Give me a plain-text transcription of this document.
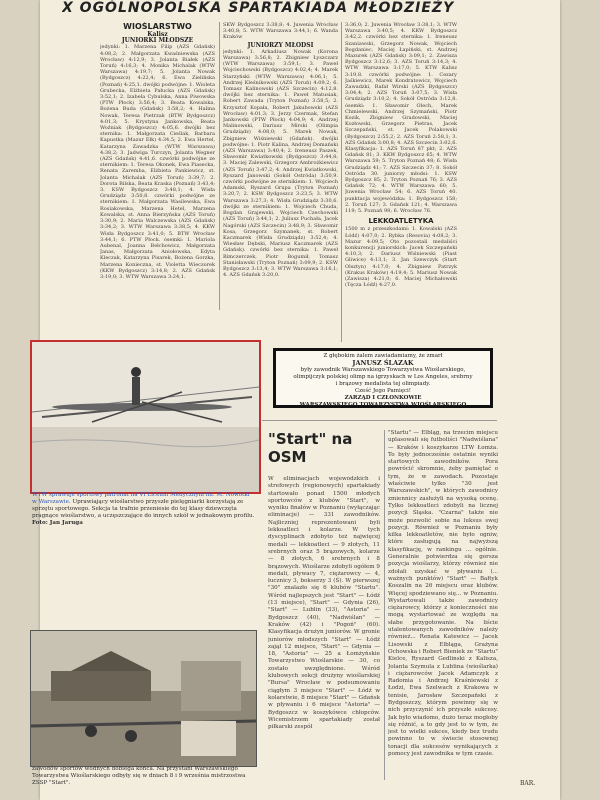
X OGÓLNOPOLSKA SPARTAKIADA MŁODZIEŻY
WIOŚLARSTWO
Kalisz
JUNIORKI MŁODSZE

jedynki: 1. Marzena Filip (AZS Gdańsk) 4:08,2; 2. Małgorzata Kwaśniewska (AZS Wrocław) 4:12,9; 3. Jolanta Białek (AZS Toruń) 4:16,3; 4. Monika Michalak (WTW Warszawa) 4:19,7; 5. Jolanta Nowak (Bydgoszcz) 4:22,4; 6. Ewa Zielińska (Poznań) 4:25,1. dwójki podwójne: 1. Wioleta Grubecka, Elżbieta Pałucka (AZS Gdańsk) 3:52,1; 2. Izabela Cybulska, Anna Piwowska (PTW Płock) 3:56,4; 3. Beata Kowalska, Bożena Buda (Gdańsk) 3:58,2; 4. Halina Nowak, Teresa Pietrzak (BTW Bydgoszcz) 4:01,3; 5. Krystyna Jankowska, Beata Woźniak (Bydgoszcz) 4:05,6. dwójki bez sternika: 1. Małgorzata Cieślak, Barbara Kapustka (Mazur Ełk) 4:34,5; 2. Ewa Hertel, Katarzyna Zawadzka (WTW Warszawa) 4:38,2; 3. Jadwiga Turczyn, Jolanta Wegner (AZS Gdańsk) 4:41,6. czwórki podwójne ze sternikiem: 1. Teresa Okonek, Ewa Piasecka, Renata Zaremba, Elżbieta Pankiewicz, st. Jolanta Michalak (AZS Toruń) 3:39,7; 2. Dorota Bilska, Beata Kraska (Poznań) 3:43,4; 3. KSW Bydgoszcz 3:48,1; 4. Wisła Grudziądz 3:50,8. czwórki podwójne ze sternikiem: 1. Małgorzata Wasilewska, Ewa Rosiakowska, Marzena Hetel, Marzena Kowalska, st. Anna Bierzyńska (AZS Toruń) 3:30,9; 2. Maria Walczewska (AZS Gdańsk) 3:34,2; 3. WTW Warszawa 3:38,5; 4. KKW Wisła Bydgoszcz 3:41,0; 5. BTW Wrocław 3:44,1; 6. PTW Płock. ósemki: 1. Mariola Aubenal, Joanna Bełchowicz, Małgorzata Janas, Małgorzata Aniołowska, Edyta Kleczak, Katarzyna Pisarek, Bożena Gorzka, Marzena Konieczna, st. Violetta Wieczorek (KKW Bydgoszcz) 3:14,8; 2. AZS Gdańsk 3:19,0; 3. WTW Warszawa 3:24,1.

SKW Bydgoszcz 3:38,8; 4. Juwenia Wrocław 3:40,8; 5. WTW Warszawa 3:44,1; 6. Wanda Kraków

JUNIORZY MŁODSI

jedynki: 1. Arkadiusz Nowak (Korona Warszawa) 3:56,8; 2. Zbigniew Łyszczarz (WTW Warszawa) 3:59,1; 3. Paweł Wojciechowski (Bydgoszcz) 4:02,4; 4. Marek Starzyński (WTW Warszawa) 4:06,1; 5. Andrzej Kleśnikowski (AZS Toruń) 4:09,2; 6. Tomasz Kalinowski (AZS Szczecin) 4:12,8. dwójki bez sternika: 1. Paweł Matusiak, Robert Zawada (Tryton Poznań) 3:58,5; 2. Krzysztof Kopała, Robert Jakubowski (AZS Wrocław) 4:01,3; 3. Jerzy Czermak, Stefan Jankowski (PTW Płock) 4:04,9; 4. Andrzej Malinowski, Dariusz Mirski (Olimpia Grudziądz) 4:08,0; 5. Marek Nowak, Zbigniew Wiśniewski (Gdańsk). dwójki podwójne: 1. Piotr Kalina, Andrzej Domański (AZS Warszawa) 3:40,4; 2. Ireneusz Paszek, Sławomir Kwiatkowski (Bydgoszcz) 3:44,8; 3. Maciej Zalewski, Grzegorz Ambrożkiewicz (AZS Toruń) 3:47,2; 4. Andrzej Kwiatkowski, Ryszard Janowski (Sokół Ostróda) 3:50,9. czwórki podwójne ze sternikiem: 1. Wojciech Adamski, Ryszard Grupa (Tryton Poznań) 3:20,7; 2. KSW Bydgoszcz 3:23,5; 3. WTW Warszawa 3:27,3; 4. Wisła Grudziądz 3:30,6. dwójki ze sternikiem: 1. Wojciech Chuda, Bogdan Grajewski, Wojciech Czechowski (AZS Toruń) 3:44,1; 2. Juliusz Puchała, Jacek Nagórski (AZS Szczecin) 3:48,9; 3. Sławomir Kosa, Grzegorz Szymanek, st. Robert Kaczmarek (Wisła Grudziądz) 3:52,4; 4. Wiesław Dębski, Mariusz Kaczmarek (AZS Gdańsk). czwórki bez sternika: 1. Paweł Bimczerczek, Piotr Bogumił, Tomasz Stanisławski (Tryton Poznań) 3:09,9; 2. KSW Bydgoszcz 3:13,4; 3. WTW Warszawa 3:16,1; 4. AZS Gdańsk 3:20,0.

3:36,0; 2. Juwenia Wrocław 3:38,1; 3. WTW Warszawa 3:40,5; 4. KKW Bydgoszcz 3:42,2. czwórki bez sternika: 1. Ireneusz Szaniawski, Grzegorz Nowak, Wojciech Bogdaniec, Maciej Łapiński, st. Andrzej Mazurek (AZS Gdańsk) 3:09,1; 2. Zawisza Bydgoszcz 3:12,6; 3. AZS Toruń 3:14,3; 4. WTW Warszawa 3:17,0; 5. KTW Kalisz 3:19,8. czwórki podwójne: 1. Cezary Jaśkiewicz, Marek Kondratowicz, Wojciech Zawadzki, Rafał Wirski (AZS Bydgoszcz) 3:04,4; 2. AZS Toruń 3:07,5; 3. Wisła Grudziądz 3:10,2; 4. Sokół Ostróda 3:12,8. ósemki: 1. Sławomir Olech, Marek Chmielewski, Andrzej Szymański, Piotr Kozik, Zbigniew Gradowski, Maciej Kozłowski, Grzegorz Pietras, Jacek Szczepański, st. Jacek Polakowski (Bydgoszcz) 2:55,2; 2. AZS Toruń 2:58,1; 3. AZS Gdańsk 3:00,8; 4. AZS Szczecin 3:02,6. Klasyfikacja: 1. AZS Toruń 87 pkt; 2. AZS Gdańsk 81; 3. KKW Bydgoszcz 65; 4. WTW Warszawa 59; 5. Tryton Poznań 48; 6. Wisła Grudziądz 41; 7. AZS Szczecin 37; 8. Sokół Ostróda 30. juniorzy młodsi: 1. KSW Bydgoszcz 85; 2. Tryton Poznań 76; 3. AZS Gdańsk 72; 4. WTW Warszawa 60; 5. Juwenia Wrocław 54; 6. AZS Toruń 40. punktacja wojewódzka: 1. Bydgoszcz 158; 2. Toruń 127; 3. Gdańsk 121; 4. Warszawa 119; 5. Poznań 98; 6. Wrocław 76.

LEKKOATLETYKA

1500 m z przeszkodami: 1. Kowalski (AZS Łódź) 4:07,0; 2. Rybka (Resovia) 4:08,2; 3. Mazur 4:09,5; Oto pozostali medaliści konkurencji juniorskich: Jacek Szczepański 4:10,3; 2. Dariusz Wiśniewski (Piast Gliwice) 4:13,1; 3. Jan Szewczyk (Start Olsztyn) 4:17,0; 4. Zbigniew Patrzyk (Krakus Kraków) 4:19,4; 5. Mariusz Nowak (Zawisza) 4:21,0; 6. Maciej Michałowski (Tęcza Łódź) 4:27,0.

WTW sprawuje sportowy patronat na VI Liceum Medycznym im. M. Nowotki w Warszawie. Uprawiający wioślarstwo przyszłe pielęgniarki korzystają ze sprzętu sportowego. Sekcja ta trafnie przeniesie do tej klasy dziewczęta pragnące wioślarstwo, a uczęszczające do innych szkół w jednakowym profilu. Foto: Jan Jaruga
zawodów sportów wodnych dobiega końca. Na przystani Warszawskiego Towarzystwa Wioślarskiego odbyły się w dniach 8 i 9 września mistrzostwa ZSSP "Start".
Z głębokim żalem zawiadamiamy, że zmarł
JANUSZ ŚLAZAK
były zawodnik Warszawskiego Towarzystwa Wioślarskiego,
olimpijczyk polskiej olimp na igrzyskach w Los Angeles, srebrny
i brązowy medalista tej olimpiady.
Cześć Jego Pamięci!
ZARZĄD I CZŁONKOWIE
WARSZAWSKIEGO TOWARZYSTWA WIOŚLARSKIEGO
"Start" na OSM

W eliminacjach wojewódzkich i strefowych (regionowych) spartakiady startowało ponad 1500 młodych sportowców z klubów "Start", w wyniku finałów w Poznaniu (wyłączając eliminacje) — 331 zawodników. Najliczniej reprezentowani byli lekkoatleci i kolarze. W tych dyscyplinach zdobyto też najwięcej medali — lekkoatleci — 9 złotych, 11 srebrnych oraz 5 brązowych, kolarze — 8 złotych, 6 srebrnych i 8 brązowych. Wioślarze zdobyli ogółem 9 medali, pływacy 7, ciężarowcy — 4, łucznicy 3, bokserzy 3 (Ś). W pierwszej "30" znalazło się 6 klubów "Startu". Wśród najlepszych jest "Start" — Łódź (13 miejsce), "Start" — Gdynia (26), "Start" — Lublin (33), "Astoria" — Bydgoszcz (40), "Nadwiślan" — Kraków (42) i "Pogoń" (60). Klasyfikacja drużyn juniorów. W gronie juniorów młodszych "Start" — Łódź zajął 12 miejsce, "Start" — Gdynia — 18, "Astoria" — 25 a Łomżyńskie Towarzystwo Wioślarskie — 30, co zostało uwzględnione. Wśród klubowych sekcji drużyny wioślarskiej "Bursa" Wrocław w podsumowaniu ciągłym 3 miejsce "Start" — Łódź w kolarstwie, 8 miejsce "Start" — Gdańsk w pływaniu i 6 miejsce "Astoria" — Bydgoszcz w koszykówce chłopców. Wicemistrzem spartakiady został piłkarski zespół

"Startu" — Elbląg, na trzecim miejscu uplasowali się futboliści "Nadwiślana" — Kraków i koszykarze LTW Łomża. To były jednocześnie ostatnie wyniki startowych zawodników. Pora powrócić skromnie, żeby pamiętać o tym, że w zawodach. Pozostaje właściwie tylko "30 jest Warszawskich", w których zawodnicy zmiennicy zasłużyli na wysoką ocenę. Tylko lekkoatleci zdobyli na licznej pozycji Śląska. "Czarna" także nie może pozwolić sobie na luksus swej pozycji. Również w Poznaniu były kilka lekkoatletów, nie było ogniw, które zasługują na najwyższą klasyfikację, w rankingu ... ogólnie. Generalnie potwierdza się gorsza pozycja wioślarzy, którzy również nie zdołali uzyskać w pływaniu (... ważnych punktów) "Start" — Bałtyk Koszalin na 26 miejscu oraz klubów. Więcej spodziewano się... w Poznaniu. Wystartowali także zawodnicy ciężarowcy, którzy z konieczności nie mogą wystartować ze względu na słabe przygotowanie. Na liście utalentowanych zawodników należy również... Renata Katewicz — Jacek Lisowski z Elbląga, Grażyna Ochowska i Robert Bieniek ze "Startu" Kielce, Ryszard Gedlinski z Kalisza, Jolanta Szymula z Lublina (wioślarka) i ciężarowców Jacek Adamczyk z Radomia i Andrzej Kraśniewski z Łodzi, Ewa Szelwach z Krakowa w tenisie, Jarosław Szczepański z Bydgoszczy, którym powinny się w nich przyczynić ich przyszłe sukcesy. Jak było wiadomo, dużo teraz mogłoby się różnić, a to gdy jest to w tym, że jest to wielki sukces, kiedy bez trudu powinno to w świecie stosownej tonacji dla sukcesów wynikających z pomocy jest zawodnika w tym czasie.

BAR.
